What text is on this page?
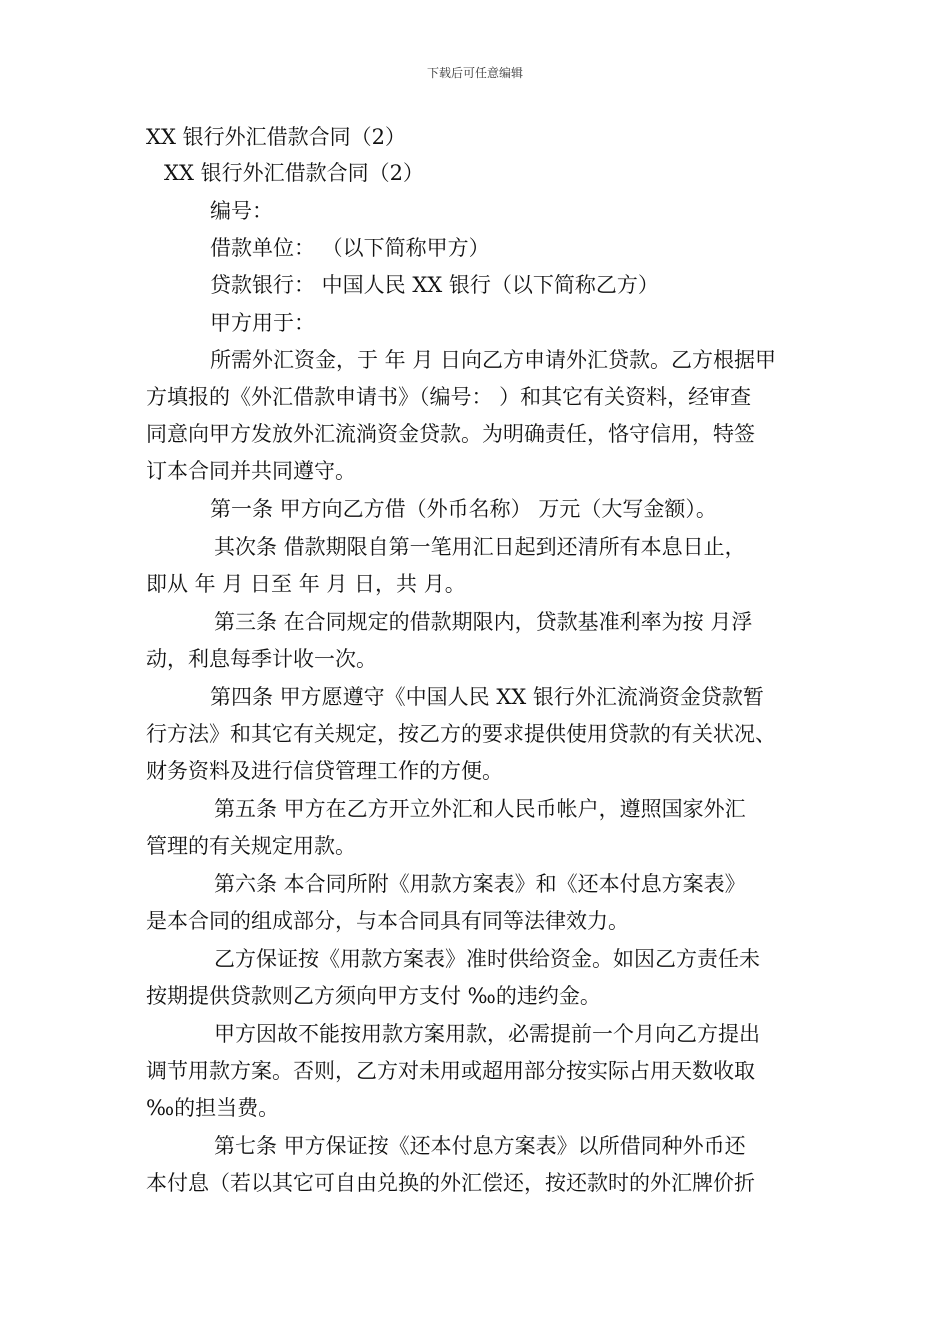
下载后可任意编辑
XX 银行外汇借款合同（2）
XX 银行外汇借款合同（2）
编号：
借款单位： （以下简称甲方）
贷款银行： 中国人民 XX 银行（以下简称乙方）
甲方用于：
所需外汇资金，于 年 月 日向乙方申请外汇贷款。乙方根据甲
方填报的《外汇借款申请书》（编号： ）和其它有关资料，经审查
同意向甲方发放外汇流淌资金贷款。为明确责任，恪守信用，特签
订本合同并共同遵守。
第一条 甲方向乙方借（外币名称） 万元（大写金额）。
其次条 借款期限自第一笔用汇日起到还清所有本息日止，
即从 年 月 日至 年 月 日，共 月。
第三条 在合同规定的借款期限内，贷款基准利率为按 月浮
动，利息每季计收一次。
第四条 甲方愿遵守《中国人民 XX 银行外汇流淌资金贷款暂
行方法》和其它有关规定，按乙方的要求提供使用贷款的有关状况、
财务资料及进行信贷管理工作的方便。
第五条 甲方在乙方开立外汇和人民币帐户，遵照国家外汇
管理的有关规定用款。
第六条 本合同所附《用款方案表》和《还本付息方案表》
是本合同的组成部分，与本合同具有同等法律效力。
乙方保证按《用款方案表》准时供给资金。如因乙方责任未
按期提供贷款则乙方须向甲方支付 ‰的违约金。
甲方因故不能按用款方案用款，必需提前一个月向乙方提出
调节用款方案。否则，乙方对未用或超用部分按实际占用天数收取
‰的担当费。
第七条 甲方保证按《还本付息方案表》以所借同种外币还
本付息（若以其它可自由兑换的外汇偿还，按还款时的外汇牌价折
